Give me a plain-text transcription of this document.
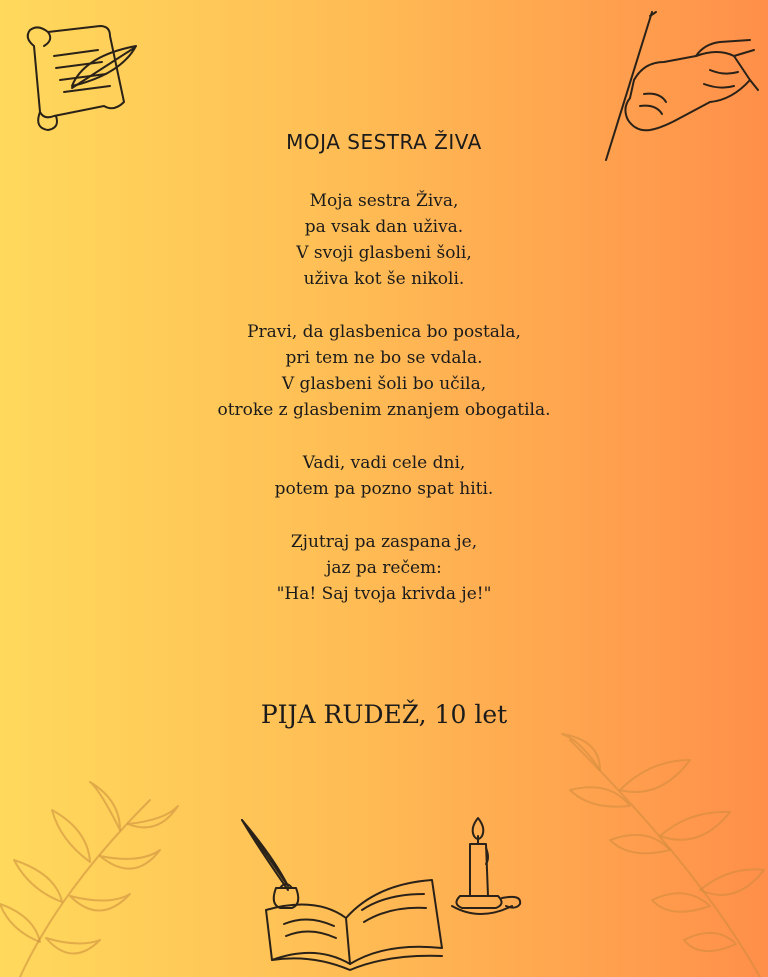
MOJA SESTRA ŽIVA
Moja sestra Živa,
pa vsak dan uživa.
V svoji glasbeni šoli,
uživa kot še nikoli.
Pravi, da glasbenica bo postala,
pri tem ne bo se vdala.
V glasbeni šoli bo učila,
otroke z glasbenim znanjem obogatila.
Vadi, vadi cele dni,
potem pa pozno spat hiti.
Zjutraj pa zaspana je,
jaz pa rečem:
"Ha! Saj tvoja krivda je!"
PIJA RUDEŽ, 10 let
